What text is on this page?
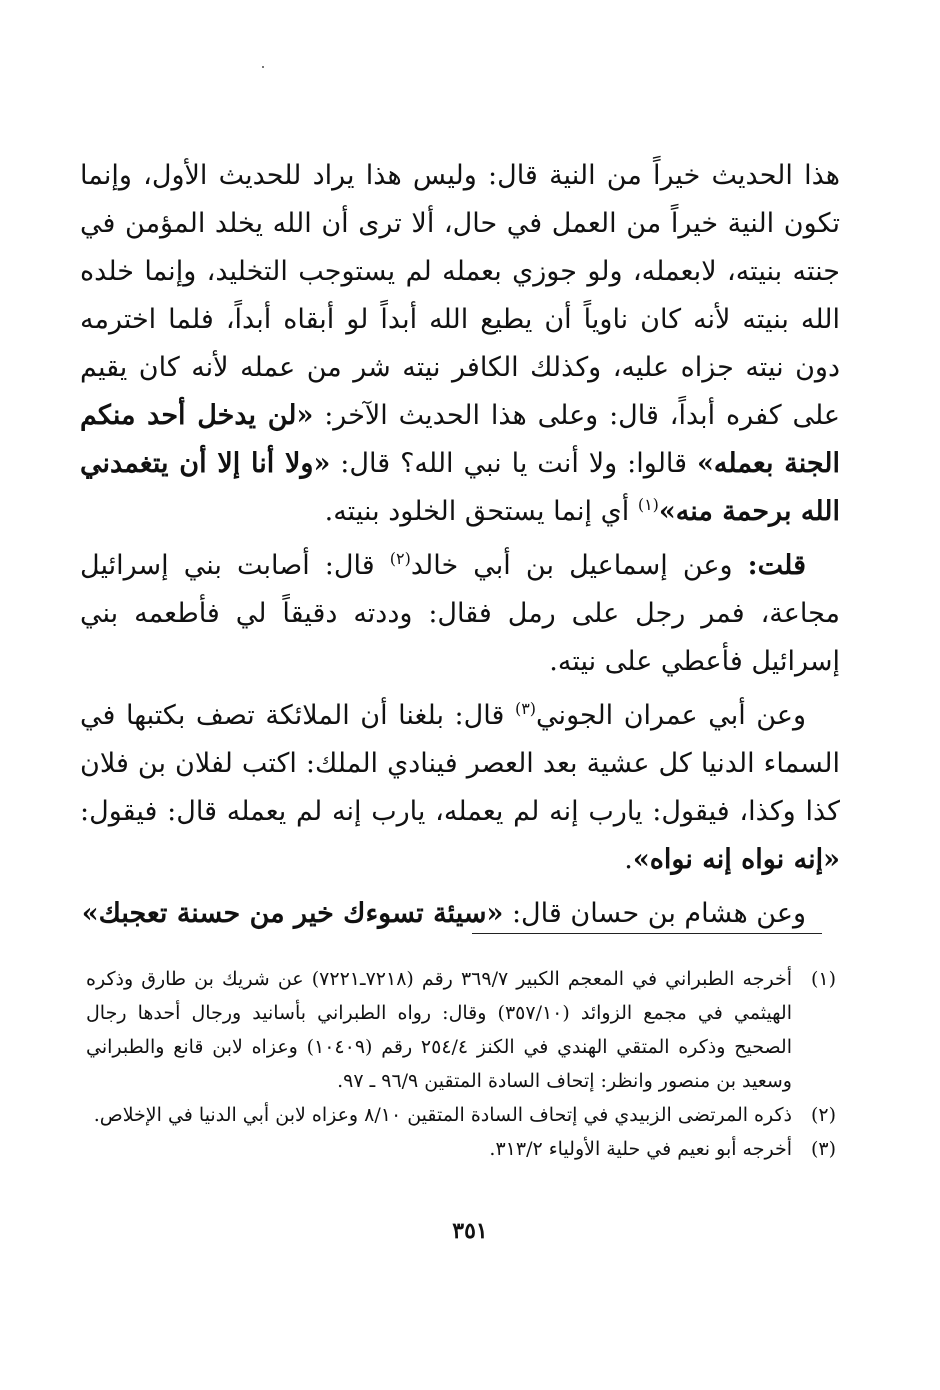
هذا الحديث خيراً من النية قال: وليس هذا يراد للحديث الأول، وإنما تكون النية خيراً من العمل في حال، ألا ترى أن الله يخلد المؤمن في جنته بنيته، لابعمله، ولو جوزي بعمله لم يستوجب التخليد، وإنما خلده الله بنيته لأنه كان ناوياً أن يطيع الله أبداً لو أبقاه أبداً، فلما اخترمه دون نيته جزاه عليه، وكذلك الكافر نيته شر من عمله لأنه كان يقيم على كفره أبداً، قال: وعلى هذا الحديث الآخر: «لن يدخل أحد منكم الجنة بعمله» قالوا: ولا أنت يا نبي الله؟ قال: «ولا أنا إلا أن يتغمدني الله برحمة منه»$^{(١)}$ أي إنما يستحق الخلود بنيته.

قلت: وعن إسماعيل بن أبي خالد$^{(٢)}$ قال: أصابت بني إسرائيل مجاعة، فمر رجل على رمل فقال: وددته دقيقاً لي فأطعمه بني إسرائيل فأعطي على نيته.

وعن أبي عمران الجوني$^{(٣)}$ قال: بلغنا أن الملائكة تصف بكتبها في السماء الدنيا كل عشية بعد العصر فينادي الملك: اكتب لفلان بن فلان كذا وكذا، فيقول: يارب إنه لم يعمله، يارب إنه لم يعمله قال: فيقول: «إنه نواه إنه نواه».

وعن هشام بن حسان قال: «سيئة تسوءك خير من حسنة تعجبك»

(١)
أخرجه الطبراني في المعجم الكبير ٣٦٩/٧ رقم (٧٢١٨ـ٧٢٢١) عن شريك بن طارق وذكره الهيثمي في مجمع الزوائد (٣٥٧/١٠) وقال: رواه الطبراني بأسانيد ورجال أحدها رجال الصحيح وذكره المتقي الهندي في الكنز ٢٥٤/٤ رقم (١٠٤٠٩) وعزاه لابن قانع والطبراني وسعيد بن منصور وانظر: إتحاف السادة المتقين ٩٦/٩ ـ ٩٧.
(٢)
ذكره المرتضى الزبيدي في إتحاف السادة المتقين ٨/١٠ وعزاه لابن أبي الدنيا في الإخلاص.
(٣)
أخرجه أبو نعيم في حلية الأولياء ٣١٣/٢.
٣٥١
